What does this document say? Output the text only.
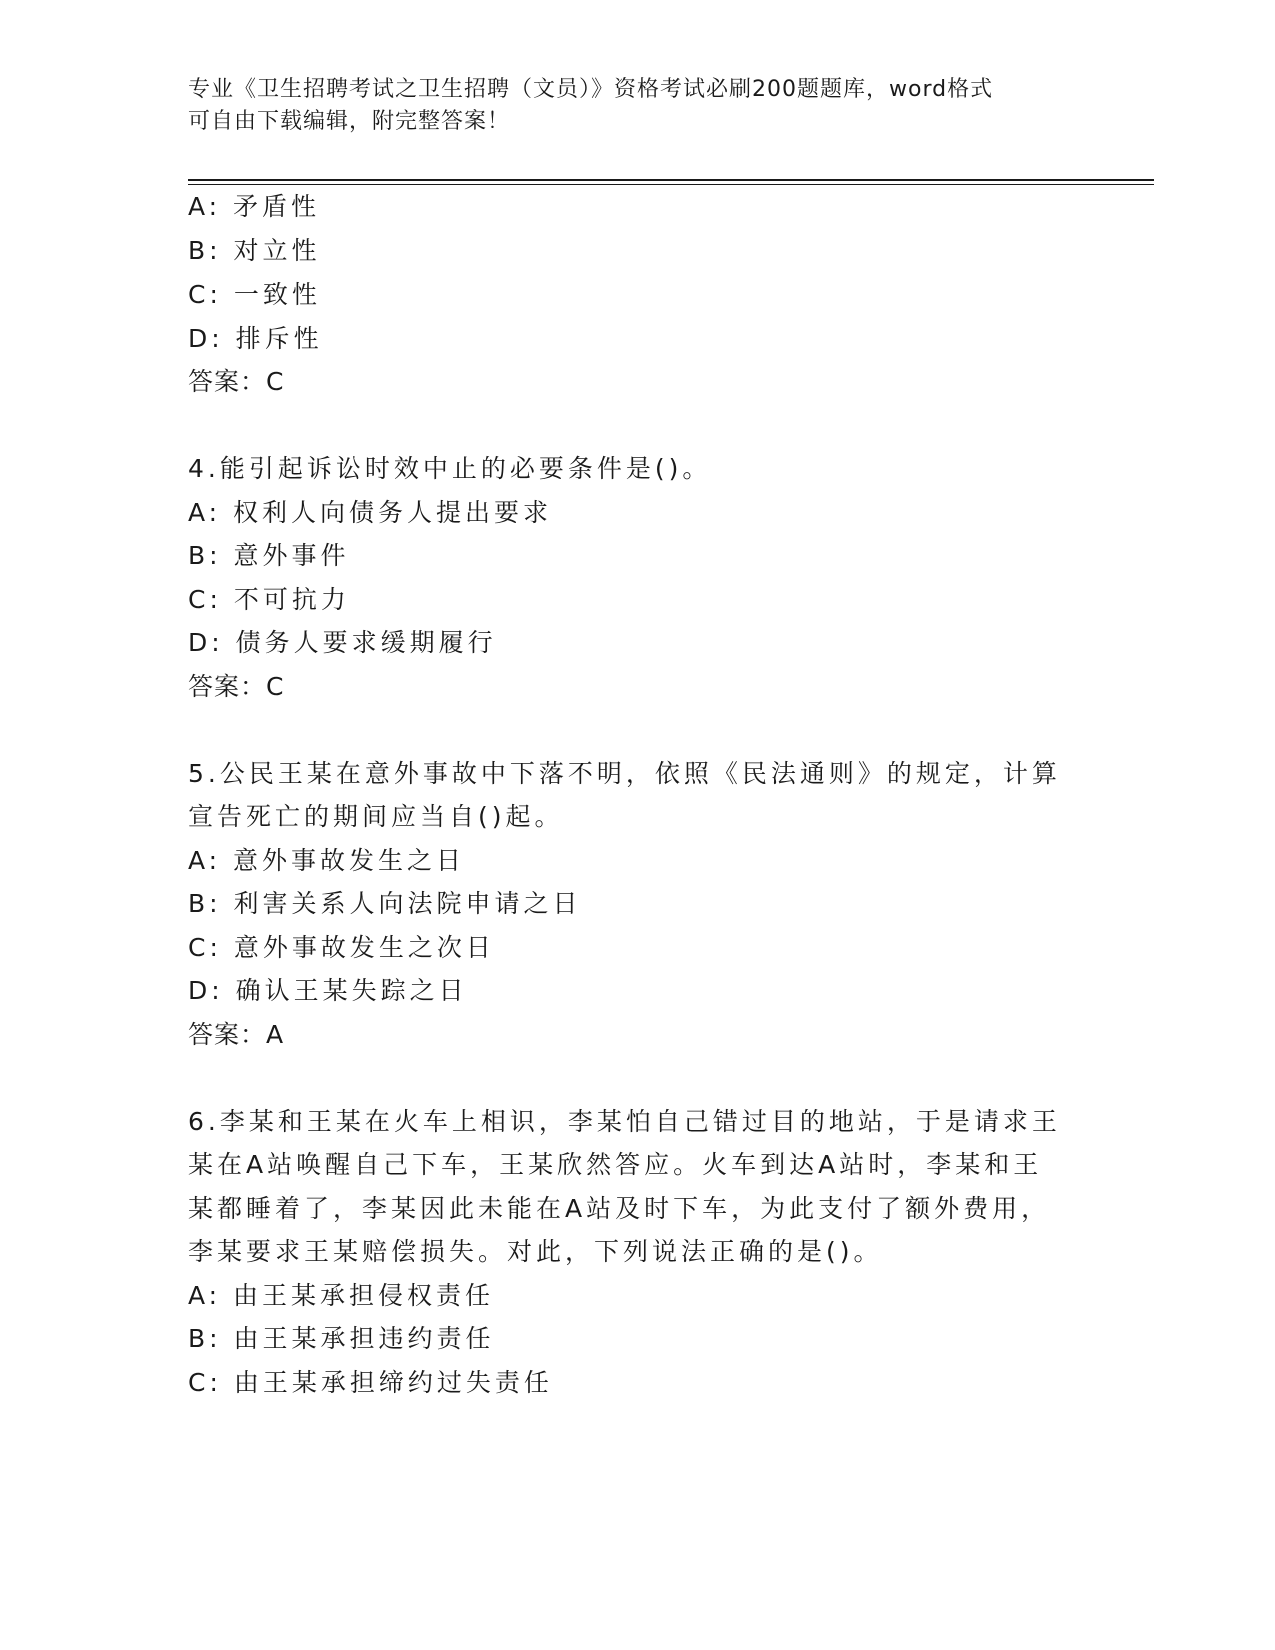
专业《卫生招聘考试之卫生招聘（文员）》资格考试必刷200题题库，word格式
可自由下载编辑，附完整答案！
A: 矛盾性
B: 对立性
C: 一致性
D: 排斥性
答案：C
4.能引起诉讼时效中止的必要条件是()。
A: 权利人向债务人提出要求
B: 意外事件
C: 不可抗力
D: 债务人要求缓期履行
答案：C
5.公民王某在意外事故中下落不明，依照《民法通则》的规定，计算
宣告死亡的期间应当自()起。
A: 意外事故发生之日
B: 利害关系人向法院申请之日
C: 意外事故发生之次日
D: 确认王某失踪之日
答案：A
6.李某和王某在火车上相识，李某怕自己错过目的地站，于是请求王
某在A站唤醒自己下车，王某欣然答应。火车到达A站时，李某和王
某都睡着了，李某因此未能在A站及时下车，为此支付了额外费用，
李某要求王某赔偿损失。对此，下列说法正确的是()。
A: 由王某承担侵权责任
B: 由王某承担违约责任
C: 由王某承担缔约过失责任
